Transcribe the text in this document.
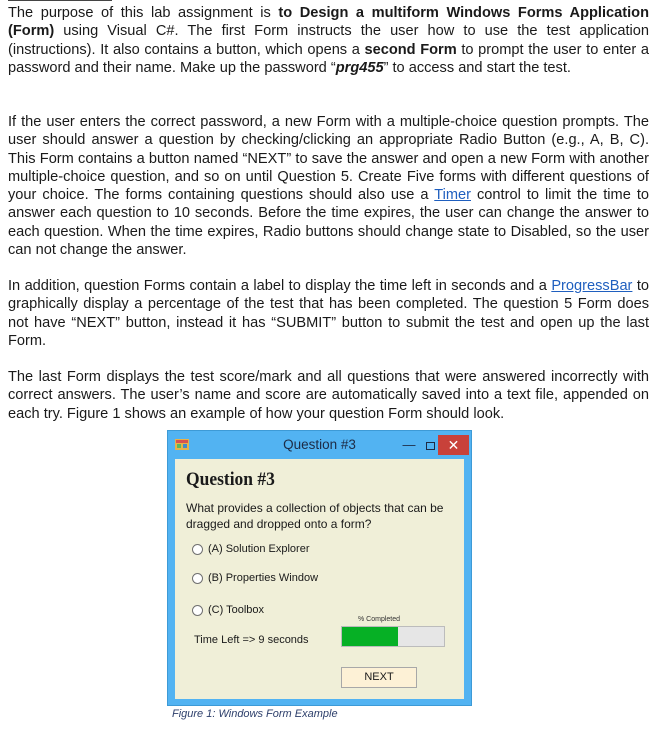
The purpose of this lab assignment is to Design a multiform Windows Forms Application (Form) using Visual C#. The first Form instructs the user how to use the test application (instructions). It also contains a button, which opens a second Form to prompt the user to enter a password and their name. Make up the password “prg455” to access and start the test.

If the user enters the correct password, a new Form with a multiple-choice question prompts. The user should answer a question by checking/clicking an appropriate Radio Button (e.g., A, B, C). This Form contains a button named “NEXT” to save the answer and open a new Form with another multiple-choice question, and so on until Question 5. Create Five forms with different questions of your choice. The forms containing questions should also use a Timer control to limit the time to answer each question to 10 seconds. Before the time expires, the user can change the answer to each question. When the time expires, Radio buttons should change state to Disabled, so the user can not change the answer.

In addition, question Forms contain a label to display the time left in seconds and a ProgressBar to graphically display a percentage of the test that has been completed. The question 5 Form does not have “NEXT” button, instead it has “SUBMIT” button to submit the test and open up the last Form.

The last Form displays the test score/mark and all questions that were answered incorrectly with correct answers. The user’s name and score are automatically saved into a text file, appended on each try. Figure 1 shows an example of how your question Form should look.

Question #3	—	✕
Question #3
What provides a collection of objects that can be dragged and dropped onto a form?
(A) Solution Explorer
(B) Properties Window
(C) Toolbox
% Completed
Time Left => 9 seconds
NEXT
Figure 1: Windows Form Example
